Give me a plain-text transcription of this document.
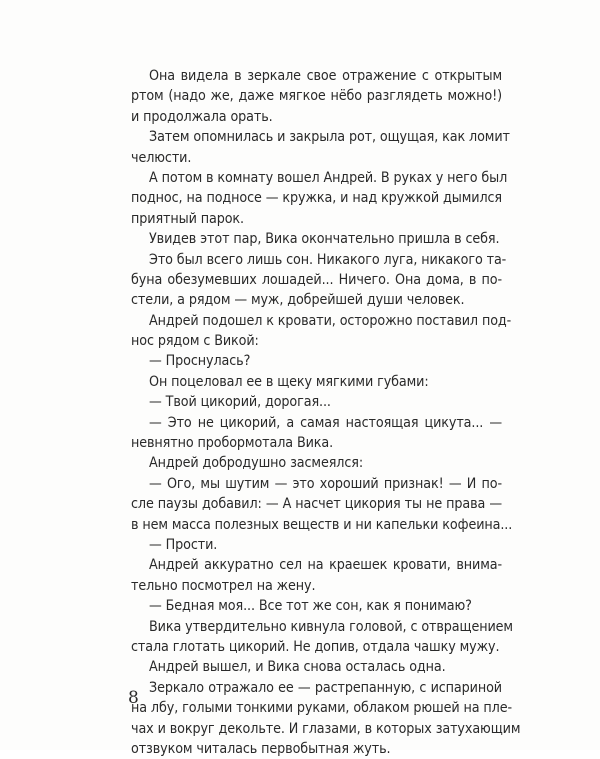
Она видела в зеркале свое отражение с открытым
ртом (надо же, даже мягкое нёбо разглядеть можно!)
и продолжала орать.
Затем опомнилась и закрыла рот, ощущая, как ломит
челюсти.
А потом в комнату вошел Андрей. В руках у него был
поднос, на подносе — кружка, и над кружкой дымился
приятный парок.
Увидев этот пар, Вика окончательно пришла в себя.
Это был всего лишь сон. Никакого луга, никакого та-
буна обезумевших лошадей... Ничего. Она дома, в по-
стели, а рядом — муж, добрейшей души человек.
Андрей подошел к кровати, осторожно поставил под-
нос рядом с Викой:
— Проснулась?
Он поцеловал ее в щеку мягкими губами:
— Твой цикорий, дорогая...
— Это не цикорий, а самая настоящая цикута... —
невнятно пробормотала Вика.
Андрей добродушно засмеялся:
— Ого, мы шутим — это хороший признак! — И по-
сле паузы добавил: — А насчет цикория ты не права —
в нем масса полезных веществ и ни капельки кофеина...
— Прости.
Андрей аккуратно сел на краешек кровати, внима-
тельно посмотрел на жену.
— Бедная моя... Все тот же сон, как я понимаю?
Вика утвердительно кивнула головой, с отвращением
стала глотать цикорий. Не допив, отдала чашку мужу.
Андрей вышел, и Вика снова осталась одна.
Зеркало отражало ее — растрепанную, с испариной
на лбу, голыми тонкими руками, облаком рюшей на пле-
чах и вокруг декольте. И глазами, в которых затухающим
отзвуком читалась первобытная жуть.
8
